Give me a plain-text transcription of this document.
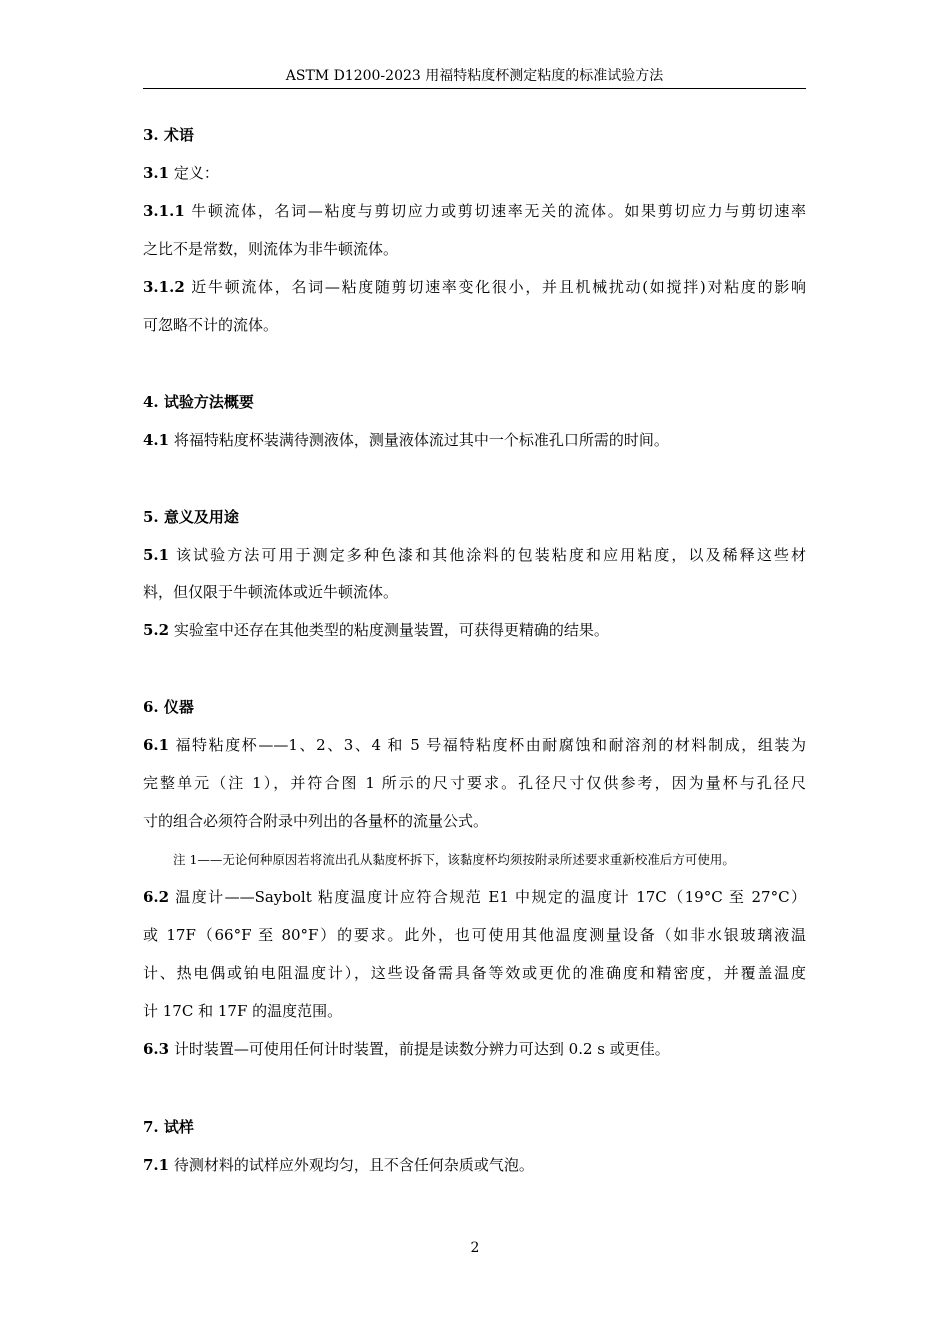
ASTM D1200-2023 用福特粘度杯测定粘度的标准试验方法
3. 术语
3.1 定义：
3.1.1 牛顿流体，名词—粘度与剪切应力或剪切速率无关的流体。如果剪切应力与剪切速率
之比不是常数，则流体为非牛顿流体。
3.1.2 近牛顿流体，名词—粘度随剪切速率变化很小，并且机械扰动(如搅拌)对粘度的影响
可忽略不计的流体。
4. 试验方法概要
4.1 将福特粘度杯装满待测液体，测量液体流过其中一个标准孔口所需的时间。
5. 意义及用途
5.1 该试验方法可用于测定多种色漆和其他涂料的包装粘度和应用粘度，以及稀释这些材
料，但仅限于牛顿流体或近牛顿流体。
5.2 实验室中还存在其他类型的粘度测量装置，可获得更精确的结果。
6. 仪器
6.1 福特粘度杯——1、2、3、4 和 5 号福特粘度杯由耐腐蚀和耐溶剂的材料制成，组装为
完整单元（注 1），并符合图 1 所示的尺寸要求。孔径尺寸仅供参考，因为量杯与孔径尺
寸的组合必须符合附录中列出的各量杯的流量公式。
注 1——无论何种原因若将流出孔从黏度杯拆下，该黏度杯均须按附录所述要求重新校准后方可使用。
6.2 温度计——Saybolt 粘度温度计应符合规范 E1 中规定的温度计 17C（19°C 至 27°C）
或 17F（66°F 至 80°F）的要求。此外，也可使用其他温度测量设备（如非水银玻璃液温
计、热电偶或铂电阻温度计），这些设备需具备等效或更优的准确度和精密度，并覆盖温度
计 17C 和 17F 的温度范围。
6.3 计时装置—可使用任何计时装置，前提是读数分辨力可达到 0.2 s 或更佳。
7. 试样
7.1 待测材料的试样应外观均匀，且不含任何杂质或气泡。
2
